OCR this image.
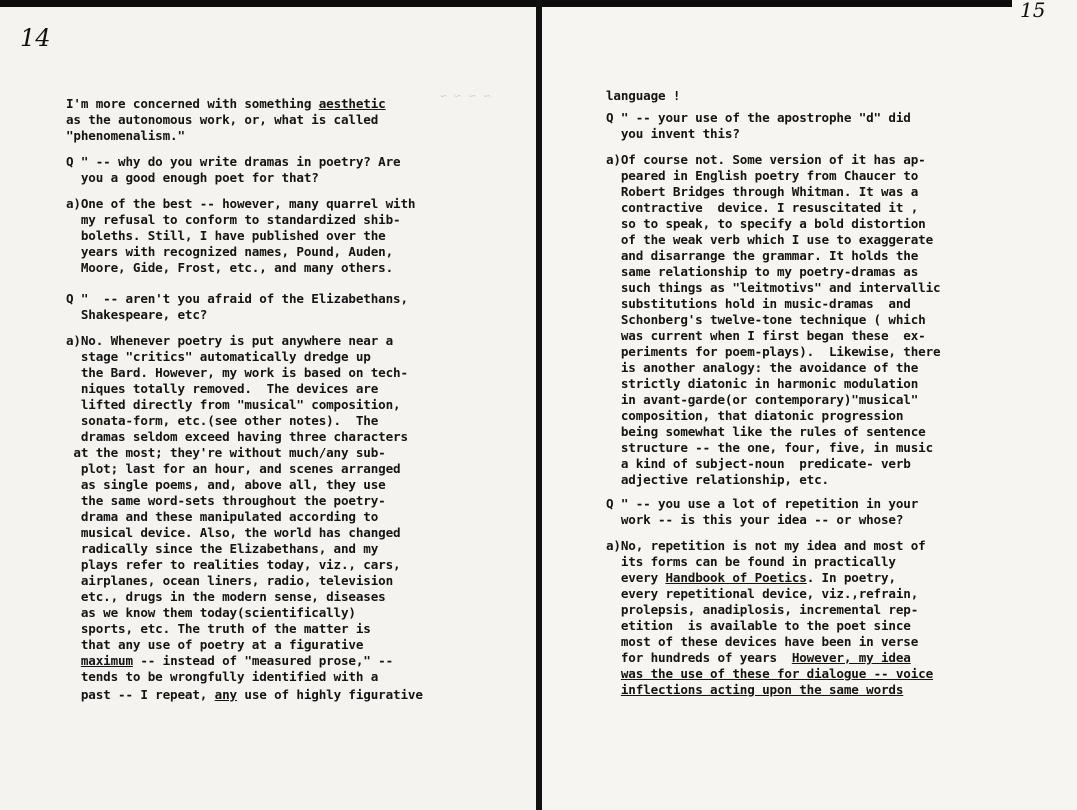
14
~ ~ ~ ~
I'm more concerned with something aesthetic
as the autonomous work, or, what is called
"phenomenalism."
Q " -- why do you write dramas in poetry? Are
you a good enough poet for that?
a)One of the best -- however, many quarrel with
my refusal to conform to standardized shib-
boleths. Still, I have published over the
years with recognized names, Pound, Auden,
Moore, Gide, Frost, etc., and many others.
Q "  -- aren't you afraid of the Elizabethans,
Shakespeare, etc?
a)No. Whenever poetry is put anywhere near a
stage "critics" automatically dredge up
the Bard. However, my work is based on tech-
niques totally removed.  The devices are
lifted directly from "musical" composition,
sonata-form, etc.(see other notes).  The
dramas seldom exceed having three characters
at the most; they're without much/any sub-
plot; last for an hour, and scenes arranged
as single poems, and, above all, they use
the same word-sets throughout the poetry-
drama and these manipulated according to
musical device. Also, the world has changed
radically since the Elizabethans, and my
plays refer to realities today, viz., cars,
airplanes, ocean liners, radio, television
etc., drugs in the modern sense, diseases
as we know them today(scientifically)
sports, etc. The truth of the matter is
that any use of poetry at a figurative
maximum -- instead of "measured prose," --
tends to be wrongfully identified with a
past -- I repeat, any use of highly figurative
15
language !
Q " -- your use of the apostrophe "d" did
you invent this?
a)Of course not. Some version of it has ap-
peared in English poetry from Chaucer to
Robert Bridges through Whitman. It was a
contractive  device. I resuscitated it ,
so to speak, to specify a bold distortion
of the weak verb which I use to exaggerate
and disarrange the grammar. It holds the
same relationship to my poetry-dramas as
such things as "leitmotivs" and intervallic
substitutions hold in music-dramas  and
Schonberg's twelve-tone technique ( which
was current when I first began these  ex-
periments for poem-plays).  Likewise, there
is another analogy: the avoidance of the
strictly diatonic in harmonic modulation
in avant-garde(or contemporary)"musical"
composition, that diatonic progression
being somewhat like the rules of sentence
structure -- the one, four, five, in music
a kind of subject-noun  predicate- verb
adjective relationship, etc.
Q " -- you use a lot of repetition in your
work -- is this your idea -- or whose?
a)No, repetition is not my idea and most of
its forms can be found in practically
every Handbook of Poetics. In poetry,
every repetitional device, viz.,refrain,
prolepsis, anadiplosis, incremental rep-
etition  is available to the poet since
most of these devices have been in verse
for hundreds of years  However, my idea
was the use of these for dialogue -- voice
inflections acting upon the same words
